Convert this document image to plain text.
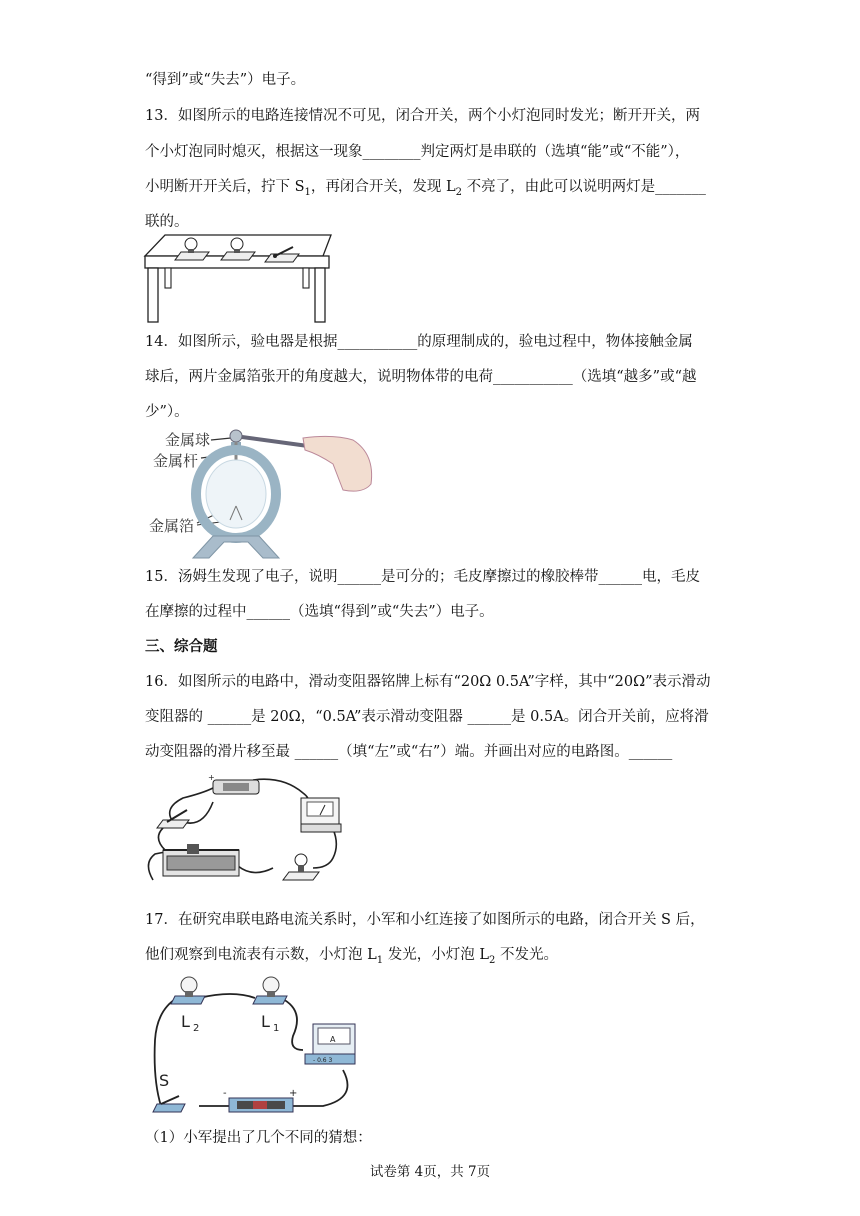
“得到”或“失去”）电子。
13．如图所示的电路连接情况不可见，闭合开关，两个小灯泡同时发光；断开开关，两
个小灯泡同时熄灭，根据这一现象________判定两灯是串联的（选填“能”或“不能”），
小明断开开关后，拧下 $S_1$，再闭合开关，发现 $L_2$ 不亮了，由此可以说明两灯是_______
联的。
14．如图所示，验电器是根据___________的原理制成的，验电过程中，物体接触金属
球后，两片金属箔张开的角度越大，说明物体带的电荷___________（选填“越多”或“越
少”）。
金属球
金属杆
金属箔
15．汤姆生发现了电子，说明______是可分的；毛皮摩擦过的橡胶棒带______电，毛皮
在摩擦的过程中______（选填“得到”或“失去”）电子。
三、综合题
16．如图所示的电路中，滑动变阻器铭牌上标有“20Ω 0.5A”字样，其中“20Ω”表示滑动
变阻器的 ______是 20Ω，“0.5A”表示滑动变阻器 ______是 0.5A。闭合开关前，应将滑
动变阻器的滑片移至最 ______（填“左”或“右”）端。并画出对应的电路图。______
+
17．在研究串联电路电流关系时，小军和小红连接了如图所示的电路，闭合开关 S 后，
他们观察到电流表有示数，小灯泡 $L_1$ 发光，小灯泡 $L_2$ 不发光。
L 2	L 1
A
- 0.6 3
S
-	+
（1）小军提出了几个不同的猜想：
试卷第 4页，共 7页
